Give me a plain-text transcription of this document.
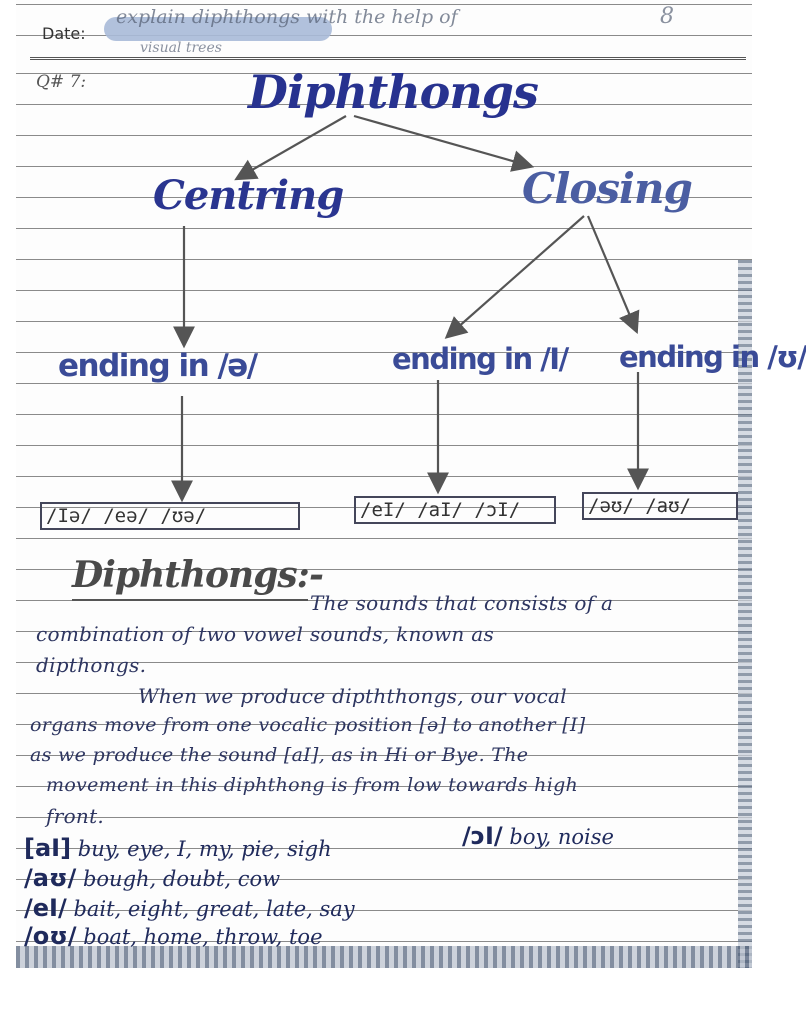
Date:
explain diphthongs with the help of
visual trees
8
Q# 7:	Diphthongs
Centring	Closing
ending in /ə/	ending in /I/ ending in /ʊ/
/Iə/ /eə/ /ʊə/	/eI/ /aI/ /ɔI/	/əʊ/ /aʊ/
Diphthongs:-
The sounds that consists of a
combination of two vowel sounds, known as
dipthongs.
When we produce dipththongs, our vocal
organs move from one vocalic position [ə] to another [I]
as we produce the sound [aI], as in Hi or Bye. The
movement in this diphthong is from low towards high
front.
[aI] buy, eye, I, my, pie, sigh	/ɔI/ boy, noise
/aʊ/ bough, doubt, cow
/eI/ bait, eight, great, late, say
/oʊ/ boat, home, throw, toe
